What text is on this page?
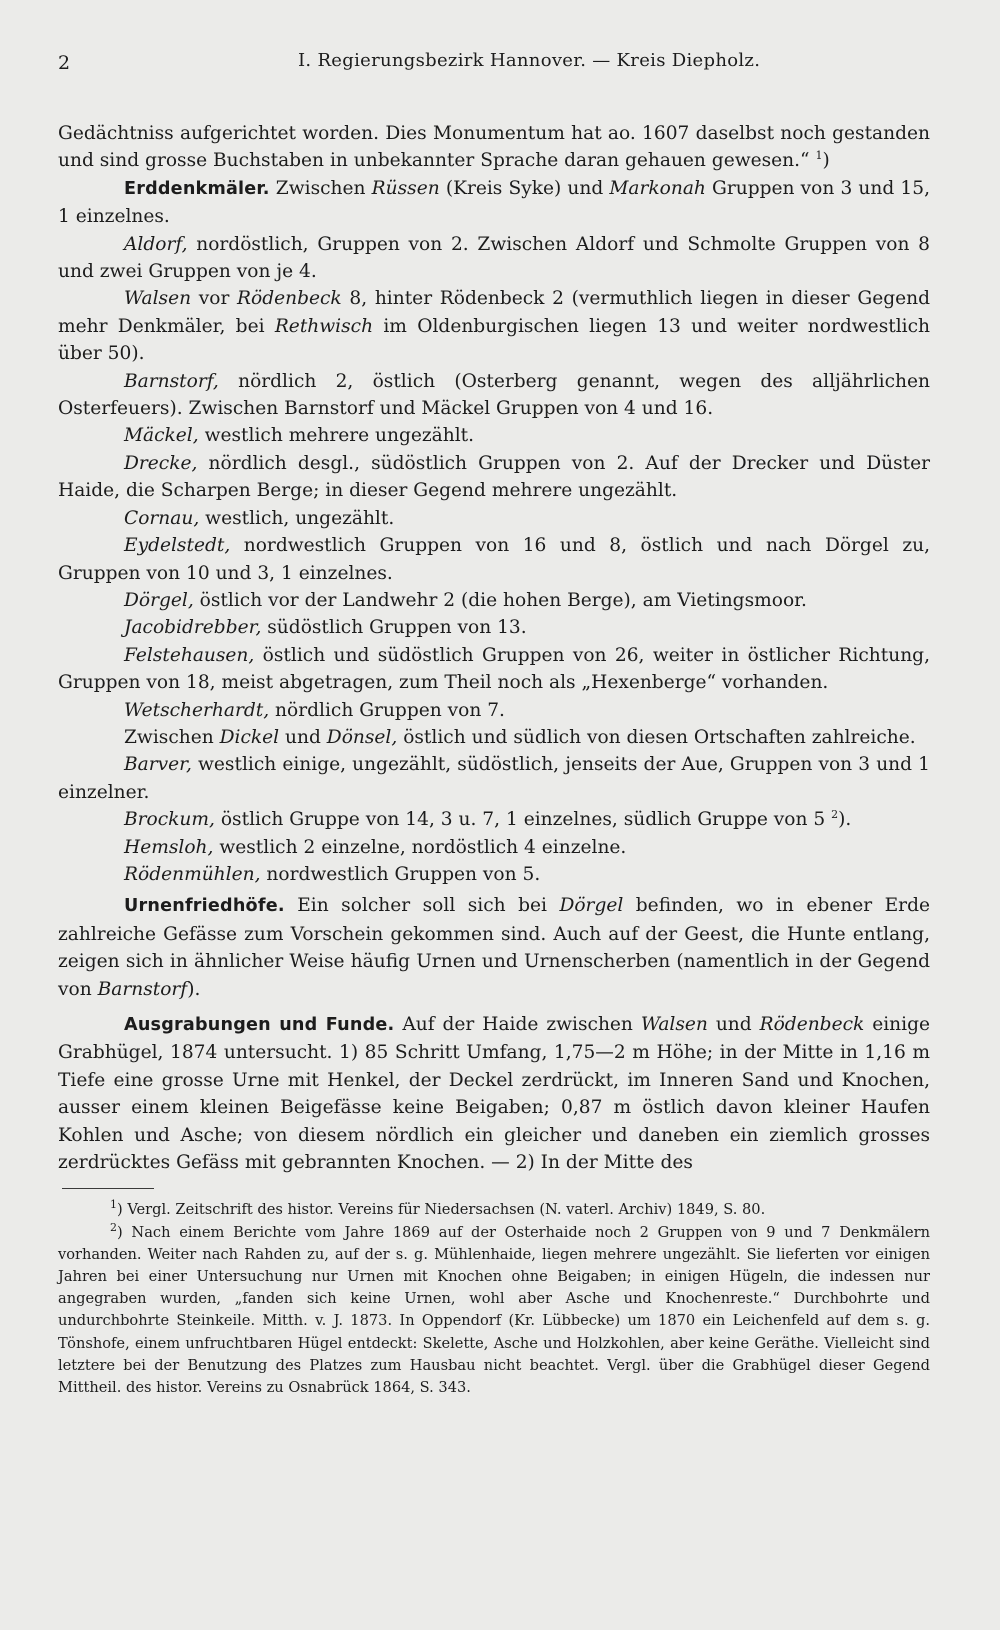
2	I. Regierungsbezirk Hannover. — Kreis Diepholz.

Gedächtniss aufgerichtet worden. Dies Monumentum hat ao. 1607 daselbst noch gestanden und sind grosse Buchstaben in unbekannter Sprache daran gehauen gewesen.“ $^1$)

Erddenkmäler. Zwischen Rüssen (Kreis Syke) und Markonah Gruppen von 3 und 15, 1 einzelnes.

Aldorf, nordöstlich, Gruppen von 2. Zwischen Aldorf und Schmolte Gruppen von 8 und zwei Gruppen von je 4.

Walsen vor Rödenbeck 8, hinter Rödenbeck 2 (vermuthlich liegen in dieser Gegend mehr Denkmäler, bei Rethwisch im Oldenburgischen liegen 13 und weiter nordwestlich über 50).

Barnstorf, nördlich 2, östlich (Osterberg genannt, wegen des alljährlichen Osterfeuers). Zwischen Barnstorf und Mäckel Gruppen von 4 und 16.

Mäckel, westlich mehrere ungezählt.

Drecke, nördlich desgl., südöstlich Gruppen von 2. Auf der Drecker und Düster Haide, die Scharpen Berge; in dieser Gegend mehrere ungezählt.

Cornau, westlich, ungezählt.

Eydelstedt, nordwestlich Gruppen von 16 und 8, östlich und nach Dörgel zu, Gruppen von 10 und 3, 1 einzelnes.

Dörgel, östlich vor der Landwehr 2 (die hohen Berge), am Vietingsmoor.

Jacobidrebber, südöstlich Gruppen von 13.

Felstehausen, östlich und südöstlich Gruppen von 26, weiter in östlicher Richtung, Gruppen von 18, meist abgetragen, zum Theil noch als „Hexenberge“ vorhanden.

Wetscherhardt, nördlich Gruppen von 7.

Zwischen Dickel und Dönsel, östlich und südlich von diesen Ortschaften zahlreiche.

Barver, westlich einige, ungezählt, südöstlich, jenseits der Aue, Gruppen von 3 und 1 einzelner.

Brockum, östlich Gruppe von 14, 3 u. 7, 1 einzelnes, südlich Gruppe von 5 $^2$).

Hemsloh, westlich 2 einzelne, nordöstlich 4 einzelne.

Rödenmühlen, nordwestlich Gruppen von 5.

Urnenfriedhöfe. Ein solcher soll sich bei Dörgel befinden, wo in ebener Erde zahlreiche Gefässe zum Vorschein gekommen sind. Auch auf der Geest, die Hunte entlang, zeigen sich in ähnlicher Weise häufig Urnen und Urnenscherben (namentlich in der Gegend von Barnstorf).

Ausgrabungen und Funde. Auf der Haide zwischen Walsen und Rödenbeck einige Grabhügel, 1874 untersucht. 1) 85 Schritt Umfang, 1,75—2 m Höhe; in der Mitte in 1,16 m Tiefe eine grosse Urne mit Henkel, der Deckel zerdrückt, im Inneren Sand und Knochen, ausser einem kleinen Beigefässe keine Beigaben; 0,87 m östlich davon kleiner Haufen Kohlen und Asche; von diesem nördlich ein gleicher und daneben ein ziemlich grosses zerdrücktes Gefäss mit gebrannten Knochen. — 2) In der Mitte des

$^1$) Vergl. Zeitschrift des histor. Vereins für Niedersachsen (N. vaterl. Archiv) 1849, S. 80.

$^2$) Nach einem Berichte vom Jahre 1869 auf der Osterhaide noch 2 Gruppen von 9 und 7 Denkmälern vorhanden. Weiter nach Rahden zu, auf der s. g. Mühlenhaide, liegen mehrere ungezählt. Sie lieferten vor einigen Jahren bei einer Untersuchung nur Urnen mit Knochen ohne Beigaben; in einigen Hügeln, die indessen nur angegraben wurden, „fanden sich keine Urnen, wohl aber Asche und Knochenreste.“ Durchbohrte und undurchbohrte Steinkeile. Mitth. v. J. 1873. In Oppendorf (Kr. Lübbecke) um 1870 ein Leichenfeld auf dem s. g. Tönshofe, einem unfruchtbaren Hügel entdeckt: Skelette, Asche und Holzkohlen, aber keine Geräthe. Vielleicht sind letztere bei der Benutzung des Platzes zum Hausbau nicht beachtet. Vergl. über die Grabhügel dieser Gegend Mittheil. des histor. Vereins zu Osnabrück 1864, S. 343.
